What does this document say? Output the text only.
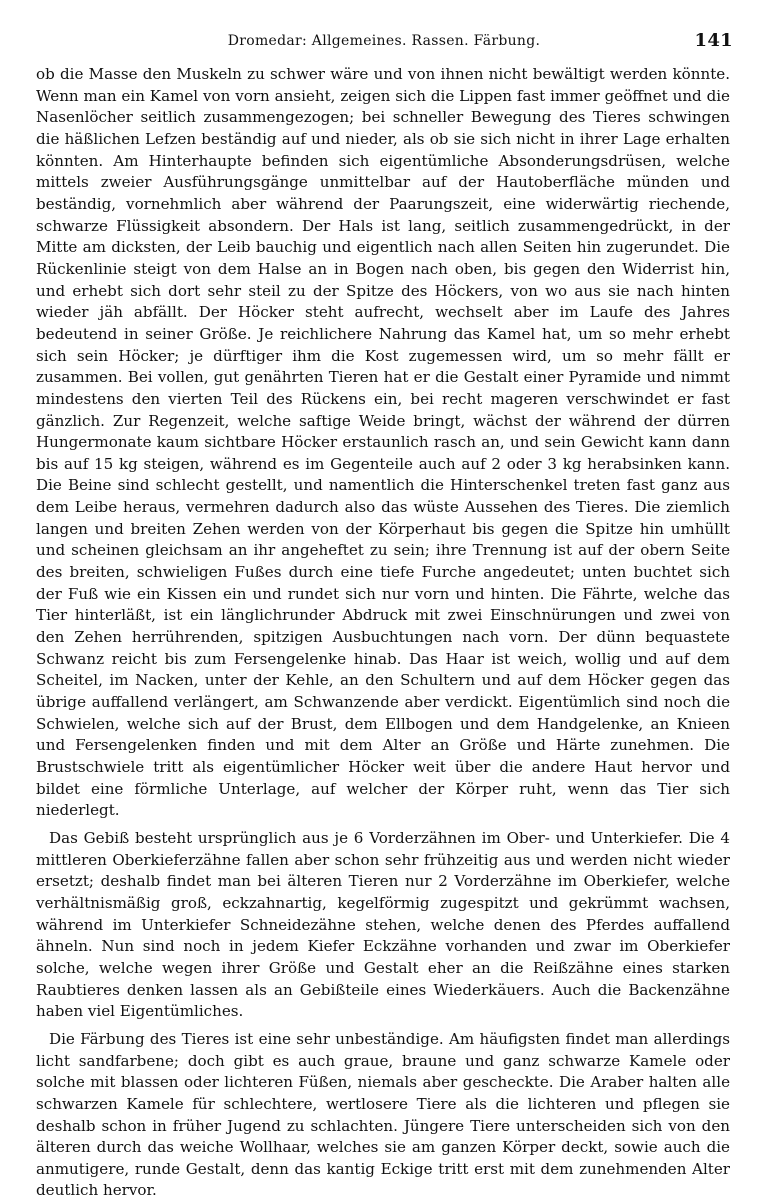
Dromedar: Allgemeines. Rassen. Färbung.	141

ob die Masse den Muskeln zu schwer wäre und von ihnen nicht bewältigt werden könnte. Wenn man ein Kamel von vorn ansieht, zeigen sich die Lippen fast immer geöffnet und die Nasenlöcher seitlich zusammengezogen; bei schneller Bewegung des Tieres schwingen die häßlichen Lefzen beständig auf und nieder, als ob sie sich nicht in ihrer Lage erhalten könnten. Am Hinterhaupte befinden sich eigentümliche Absonderungsdrüsen, welche mittels zweier Ausführungsgänge unmittelbar auf der Hautoberfläche münden und beständig, vornehmlich aber während der Paarungszeit, eine widerwärtig riechende, schwarze Flüssigkeit absondern. Der Hals ist lang, seitlich zusammengedrückt, in der Mitte am dicksten, der Leib bauchig und eigentlich nach allen Seiten hin zugerundet. Die Rückenlinie steigt von dem Halse an in Bogen nach oben, bis gegen den Widerrist hin, und erhebt sich dort sehr steil zu der Spitze des Höckers, von wo aus sie nach hinten wieder jäh abfällt. Der Höcker steht aufrecht, wechselt aber im Laufe des Jahres bedeutend in seiner Größe. Je reichlichere Nahrung das Kamel hat, um so mehr erhebt sich sein Höcker; je dürftiger ihm die Kost zugemessen wird, um so mehr fällt er zusammen. Bei vollen, gut genährten Tieren hat er die Gestalt einer Pyramide und nimmt mindestens den vierten Teil des Rückens ein, bei recht mageren verschwindet er fast gänzlich. Zur Regenzeit, welche saftige Weide bringt, wächst der während der dürren Hungermonate kaum sichtbare Höcker erstaunlich rasch an, und sein Gewicht kann dann bis auf 15 kg steigen, während es im Gegenteile auch auf 2 oder 3 kg herabsinken kann. Die Beine sind schlecht gestellt, und namentlich die Hinterschenkel treten fast ganz aus dem Leibe heraus, vermehren dadurch also das wüste Aussehen des Tieres. Die ziemlich langen und breiten Zehen werden von der Körperhaut bis gegen die Spitze hin umhüllt und scheinen gleichsam an ihr angeheftet zu sein; ihre Trennung ist auf der obern Seite des breiten, schwieligen Fußes durch eine tiefe Furche angedeutet; unten buchtet sich der Fuß wie ein Kissen ein und rundet sich nur vorn und hinten. Die Fährte, welche das Tier hinterläßt, ist ein länglichrunder Abdruck mit zwei Einschnürungen und zwei von den Zehen herrührenden, spitzigen Ausbuchtungen nach vorn. Der dünn bequastete Schwanz reicht bis zum Fersengelenke hinab. Das Haar ist weich, wollig und auf dem Scheitel, im Nacken, unter der Kehle, an den Schultern und auf dem Höcker gegen das übrige auffallend verlängert, am Schwanzende aber verdickt. Eigentümlich sind noch die Schwielen, welche sich auf der Brust, dem Ellbogen und dem Handgelenke, an Knieen und Fersengelenken finden und mit dem Alter an Größe und Härte zunehmen. Die Brustschwiele tritt als eigentümlicher Höcker weit über die andere Haut hervor und bildet eine förmliche Unterlage, auf welcher der Körper ruht, wenn das Tier sich niederlegt.

Das Gebiß besteht ursprünglich aus je 6 Vorderzähnen im Ober- und Unterkiefer. Die 4 mittleren Oberkieferzähne fallen aber schon sehr frühzeitig aus und werden nicht wieder ersetzt; deshalb findet man bei älteren Tieren nur 2 Vorderzähne im Oberkiefer, welche verhältnismäßig groß, eckzahnartig, kegelförmig zugespitzt und gekrümmt wachsen, während im Unterkiefer Schneidezähne stehen, welche denen des Pferdes auffallend ähneln. Nun sind noch in jedem Kiefer Eckzähne vorhanden und zwar im Oberkiefer solche, welche wegen ihrer Größe und Gestalt eher an die Reißzähne eines starken Raubtieres denken lassen als an Gebißteile eines Wiederkäuers. Auch die Backenzähne haben viel Eigentümliches.

Die Färbung des Tieres ist eine sehr unbeständige. Am häufigsten findet man allerdings licht sandfarbene; doch gibt es auch graue, braune und ganz schwarze Kamele oder solche mit blassen oder lichteren Füßen, niemals aber gescheckte. Die Araber halten alle schwarzen Kamele für schlechtere, wertlosere Tiere als die lichteren und pflegen sie deshalb schon in früher Jugend zu schlachten. Jüngere Tiere unterscheiden sich von den älteren durch das weiche Wollhaar, welches sie am ganzen Körper deckt, sowie auch die anmutigere, runde Gestalt, denn das kantig Eckige tritt erst mit dem zunehmenden Alter deutlich hervor.
